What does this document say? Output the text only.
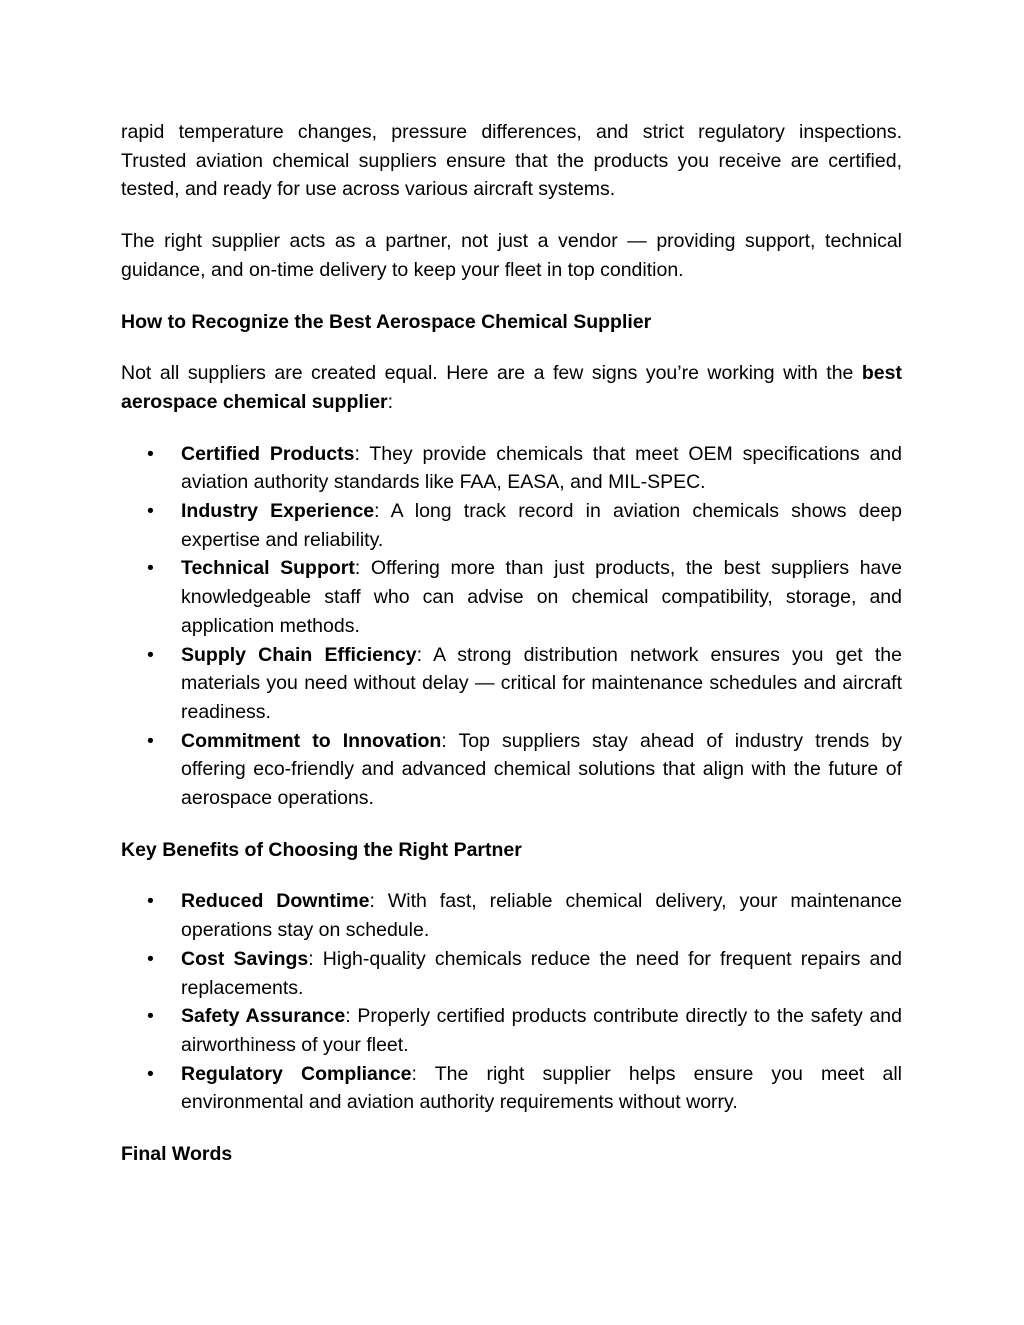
rapid temperature changes, pressure differences, and strict regulatory inspections. Trusted aviation chemical suppliers ensure that the products you receive are certified, tested, and ready for use across various aircraft systems.

The right supplier acts as a partner, not just a vendor — providing support, technical guidance, and on-time delivery to keep your fleet in top condition.

How to Recognize the Best Aerospace Chemical Supplier

Not all suppliers are created equal. Here are a few signs you’re working with the best aerospace chemical supplier:

• Certified Products: They provide chemicals that meet OEM specifications and aviation authority standards like FAA, EASA, and MIL-SPEC.
• Industry Experience: A long track record in aviation chemicals shows deep expertise and reliability.
• Technical Support: Offering more than just products, the best suppliers have knowledgeable staff who can advise on chemical compatibility, storage, and application methods.
• Supply Chain Efficiency: A strong distribution network ensures you get the materials you need without delay — critical for maintenance schedules and aircraft readiness.
• Commitment to Innovation: Top suppliers stay ahead of industry trends by offering eco-friendly and advanced chemical solutions that align with the future of aerospace operations.
Key Benefits of Choosing the Right Partner
• Reduced Downtime: With fast, reliable chemical delivery, your maintenance operations stay on schedule.
• Cost Savings: High-quality chemicals reduce the need for frequent repairs and replacements.
• Safety Assurance: Properly certified products contribute directly to the safety and airworthiness of your fleet.
• Regulatory Compliance: The right supplier helps ensure you meet all environmental and aviation authority requirements without worry.
Final Words
